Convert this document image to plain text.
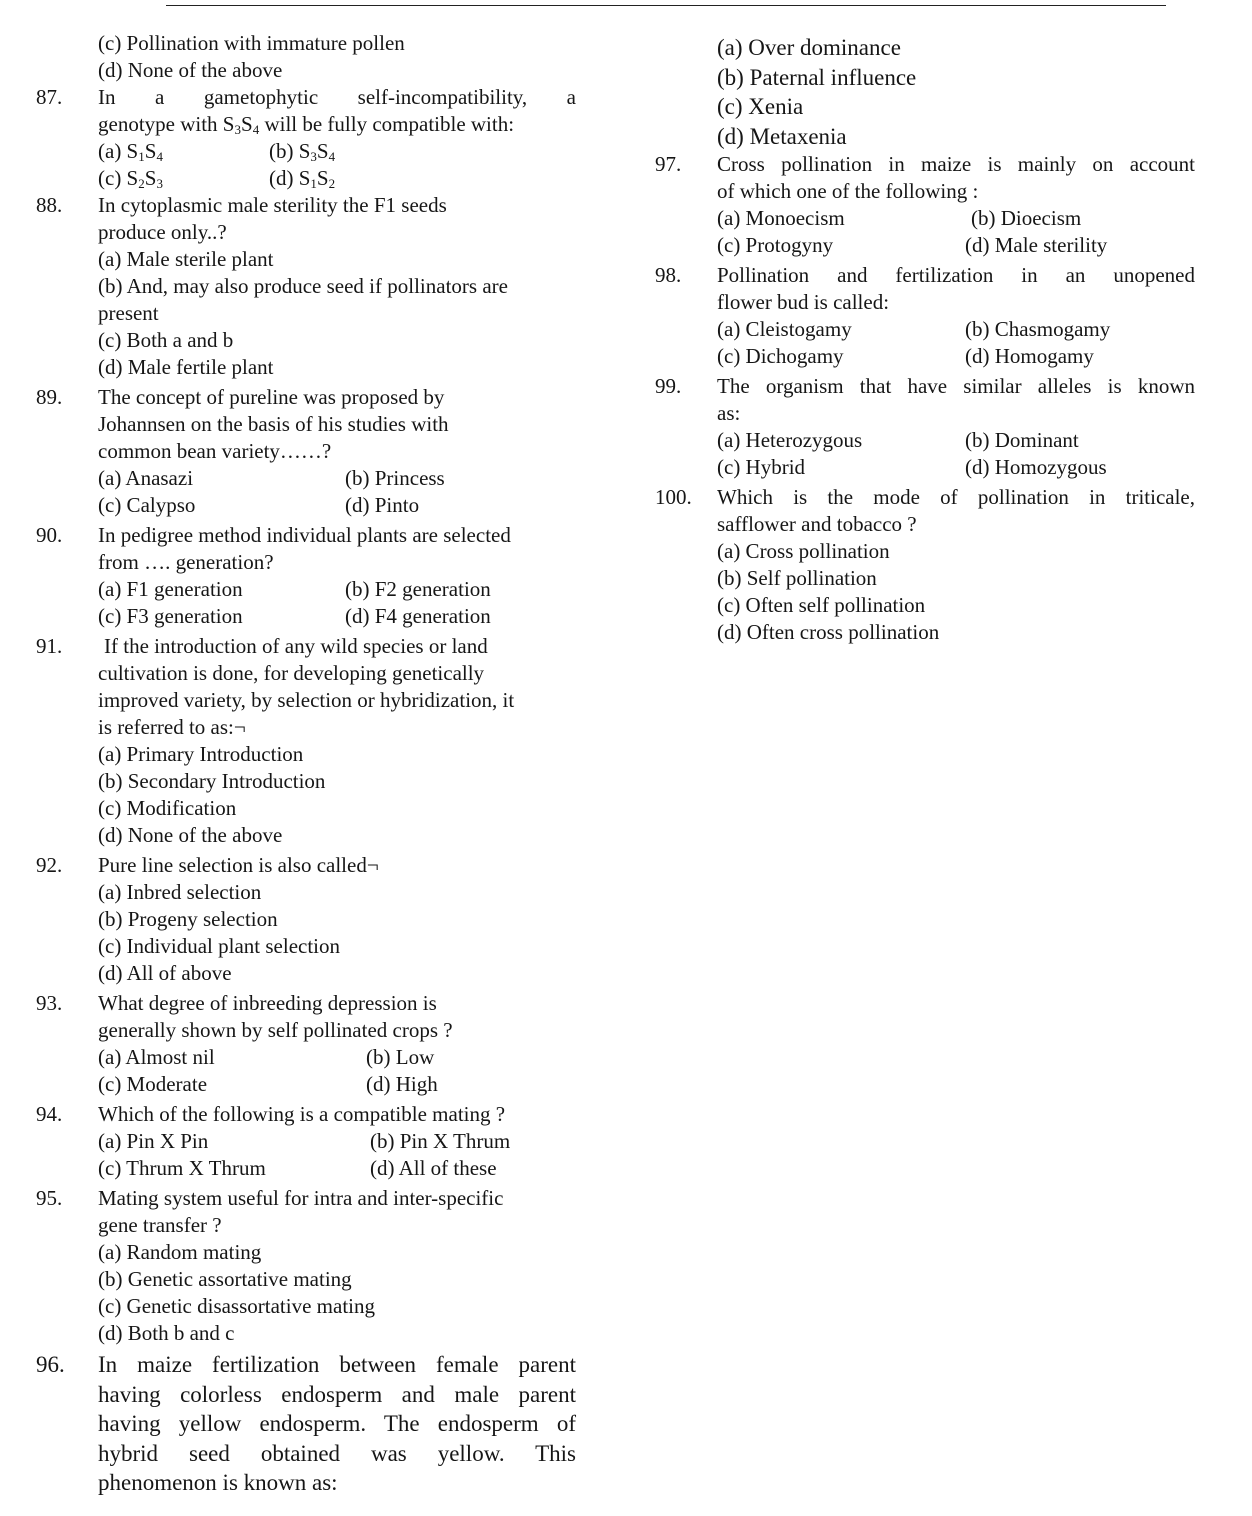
(c) Pollination with immature pollen
(d) None of the above
87.	In a gametophytic self-incompatibility, a
genotype with $S_3S_4$ will be fully compatible with:
(a) $S_1S_4$	(b) $S_3S_4$
(c) $S_2S_3$	(d) $S_1S_2$
88.	In cytoplasmic male sterility the F1 seeds
produce only..?
(a) Male sterile plant
(b) And, may also produce seed if pollinators are
present
(c) Both a and b
(d) Male fertile plant
89.	The concept of pureline was proposed by
Johannsen on the basis of his studies with
common bean variety……?
(a) Anasazi	(b) Princess
(c) Calypso	(d) Pinto
90.	In pedigree method individual plants are selected
from …. generation?
(a) F1 generation	(b) F2 generation
(c) F3 generation	(d) F4 generation
91.	If the introduction of any wild species or land
cultivation is done, for developing genetically
improved variety, by selection or hybridization, it
is referred to as:¬
(a) Primary Introduction
(b) Secondary Introduction
(c) Modification
(d) None of the above
92.	Pure line selection is also called¬
(a) Inbred selection
(b) Progeny selection
(c) Individual plant selection
(d) All of above
93.	What degree of inbreeding depression is
generally shown by self pollinated crops ?
(a) Almost nil	(b) Low
(c) Moderate	(d) High
94.	Which of the following is a compatible mating ?
(a) Pin X Pin	(b) Pin X Thrum
(c) Thrum X Thrum	(d) All of these
95.	Mating system useful for intra and inter-specific
gene transfer ?
(a) Random mating
(b) Genetic assortative mating
(c) Genetic disassortative mating
(d) Both b and c
96.	In maize fertilization between female parent
having colorless endosperm and male parent
having yellow endosperm. The endosperm of
hybrid seed obtained was yellow. This
phenomenon is known as:
(a) Over dominance
(b) Paternal influence
(c) Xenia
(d) Metaxenia
97.	Cross pollination in maize is mainly on account
of which one of the following :
(a) Monoecism	(b) Dioecism
(c) Protogyny	(d) Male sterility
98.	Pollination and fertilization in an unopened
flower bud is called:
(a) Cleistogamy	(b) Chasmogamy
(c) Dichogamy	(d) Homogamy
99.	The organism that have similar alleles is known
as:
(a) Heterozygous	(b) Dominant
(c) Hybrid	(d) Homozygous
100.	Which is the mode of pollination in triticale,
safflower and tobacco ?
(a) Cross pollination
(b) Self pollination
(c) Often self pollination
(d) Often cross pollination
